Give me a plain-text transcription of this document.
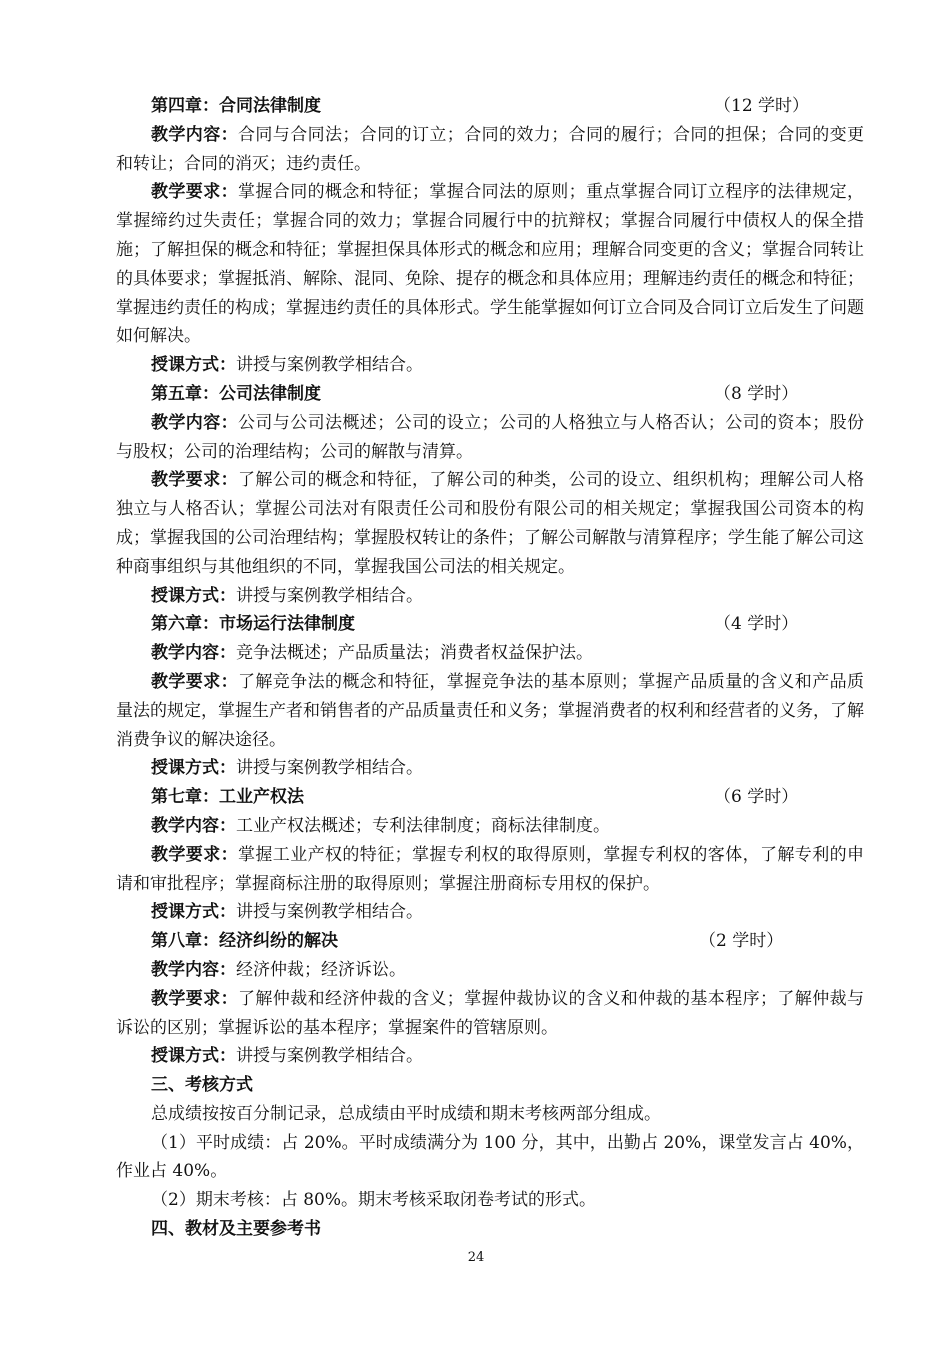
第四章：合同法律制度	（12 学时）

教学内容：合同与合同法；合同的订立；合同的效力；合同的履行；合同的担保；合同的变更和转让；合同的消灭；违约责任。

教学要求：掌握合同的概念和特征；掌握合同法的原则；重点掌握合同订立程序的法律规定，掌握缔约过失责任；掌握合同的效力；掌握合同履行中的抗辩权；掌握合同履行中债权人的保全措施；了解担保的概念和特征；掌握担保具体形式的概念和应用；理解合同变更的含义；掌握合同转让的具体要求；掌握抵消、解除、混同、免除、提存的概念和具体应用；理解违约责任的概念和特征；掌握违约责任的构成；掌握违约责任的具体形式。学生能掌握如何订立合同及合同订立后发生了问题如何解决。

授课方式：讲授与案例教学相结合。

第五章：公司法律制度	（8 学时）

教学内容：公司与公司法概述；公司的设立；公司的人格独立与人格否认；公司的资本；股份与股权；公司的治理结构；公司的解散与清算。

教学要求：了解公司的概念和特征，了解公司的种类，公司的设立、组织机构；理解公司人格独立与人格否认；掌握公司法对有限责任公司和股份有限公司的相关规定；掌握我国公司资本的构成；掌握我国的公司治理结构；掌握股权转让的条件；了解公司解散与清算程序；学生能了解公司这种商事组织与其他组织的不同，掌握我国公司法的相关规定。

授课方式：讲授与案例教学相结合。

第六章：市场运行法律制度	（4 学时）

教学内容：竞争法概述；产品质量法；消费者权益保护法。

教学要求：了解竞争法的概念和特征，掌握竞争法的基本原则；掌握产品质量的含义和产品质量法的规定，掌握生产者和销售者的产品质量责任和义务；掌握消费者的权利和经营者的义务，了解消费争议的解决途径。

授课方式：讲授与案例教学相结合。

第七章：工业产权法	（6 学时）

教学内容：工业产权法概述；专利法律制度；商标法律制度。

教学要求：掌握工业产权的特征；掌握专利权的取得原则，掌握专利权的客体，了解专利的申请和审批程序；掌握商标注册的取得原则；掌握注册商标专用权的保护。

授课方式：讲授与案例教学相结合。

第八章：经济纠纷的解决	（2 学时）

教学内容：经济仲裁；经济诉讼。

教学要求：了解仲裁和经济仲裁的含义；掌握仲裁协议的含义和仲裁的基本程序；了解仲裁与诉讼的区别；掌握诉讼的基本程序；掌握案件的管辖原则。

授课方式：讲授与案例教学相结合。

三、考核方式

总成绩按按百分制记录，总成绩由平时成绩和期末考核两部分组成。

（1）平时成绩：占 20%。平时成绩满分为 100 分，其中，出勤占 20%，课堂发言占 40%，作业占 40%。

（2）期末考核：占 80%。期末考核采取闭卷考试的形式。

四、教材及主要参考书

24
